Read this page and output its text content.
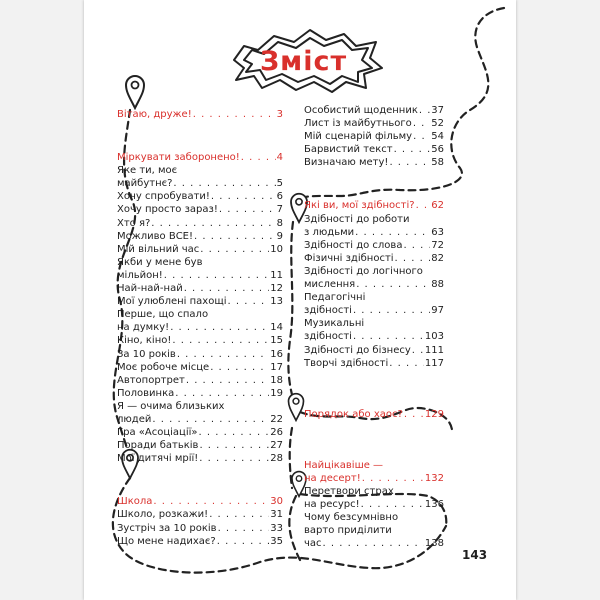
Зміст
Вітаю, друже! . . .	3
Міркувати заборонено! . . .	4
Яке ти, моє
майбутнє? . . .	5
Хочу спробувати! . . .	6
Хочу просто зараз! . . .	7
Хто я? . . .	8
Можливо ВСЕ! . . .	9
Мій вільний час . . .	10
Якби у мене був
мільйон! . . .	11
Най-най-най . . .	12
Мої улюблені пахощі . . .	13
Перше, що спало
на думку! . . .	14
Кіно, кіно! . . .	15
За 10 років . . .	16
Моє робоче місце . . .	17
Автопортрет . . .	18
Половинка . . .	19
Я — очима близьких
людей . . .	22
Гра «Асоціації» . . .	26
Поради батьків . . .	27
Мої дитячі мрії! . . .	28
Школа . . .	30
Школо, розкажи! . . .	31
Зустріч за 10 років . . .	33
Що мене надихає? . . .	35
Особистий щоденник . . . 37
Лист із майбутнього . . . 52
Мій сценарій фільму . . . 54
Барвистий текст . . .	56
Визначаю мету! . . .	58
Які ви, мої здібності? . . . 62
Здібності до роботи
з людьми . . .	63
Здібності до слова . . .	72
Фізичні здібності . . .	82
Здібності до логічного
мислення . . .	88
Педагогічні
здібності . . .	97
Музикальні
здібності . . .	103
Здібності до бізнесу . . . 111
Творчі здібності . . .	117
Порядок або хаос? . . . 129
Найцікавіше —
на десерт! . . .	132
Перетвори страх
на ресурс! . . .	136
Чому безсумнівно
варто приділити
час . . .	138
143
